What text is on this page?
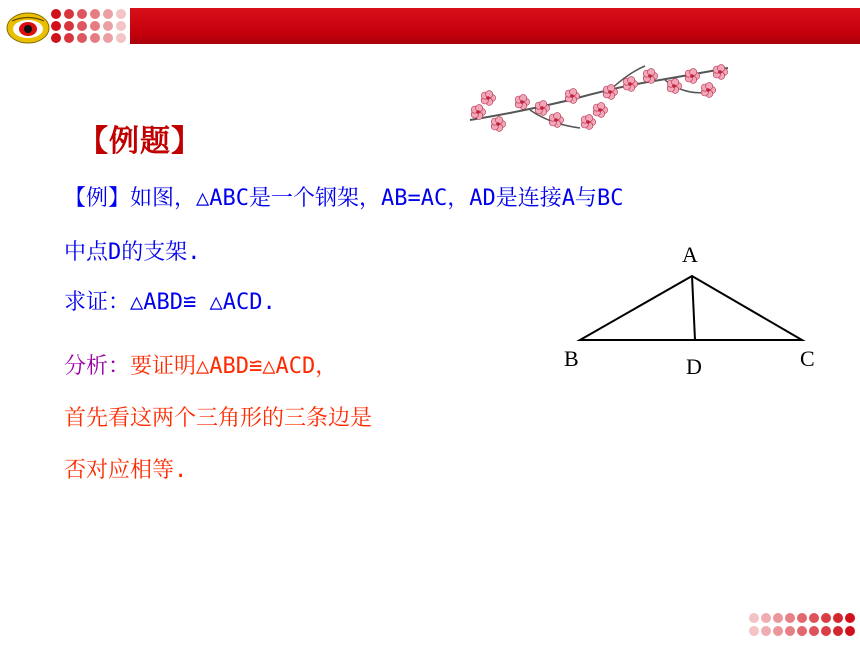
【例题】
【例】如图，△ABC是一个钢架，AB=AC，AD是连接A与BC
中点D的支架.
求证：△ABD≌ △ACD.
分析：要证明△ABD≌△ACD，
首先看这两个三角形的三条边是
否对应相等.
A
B	C
D
